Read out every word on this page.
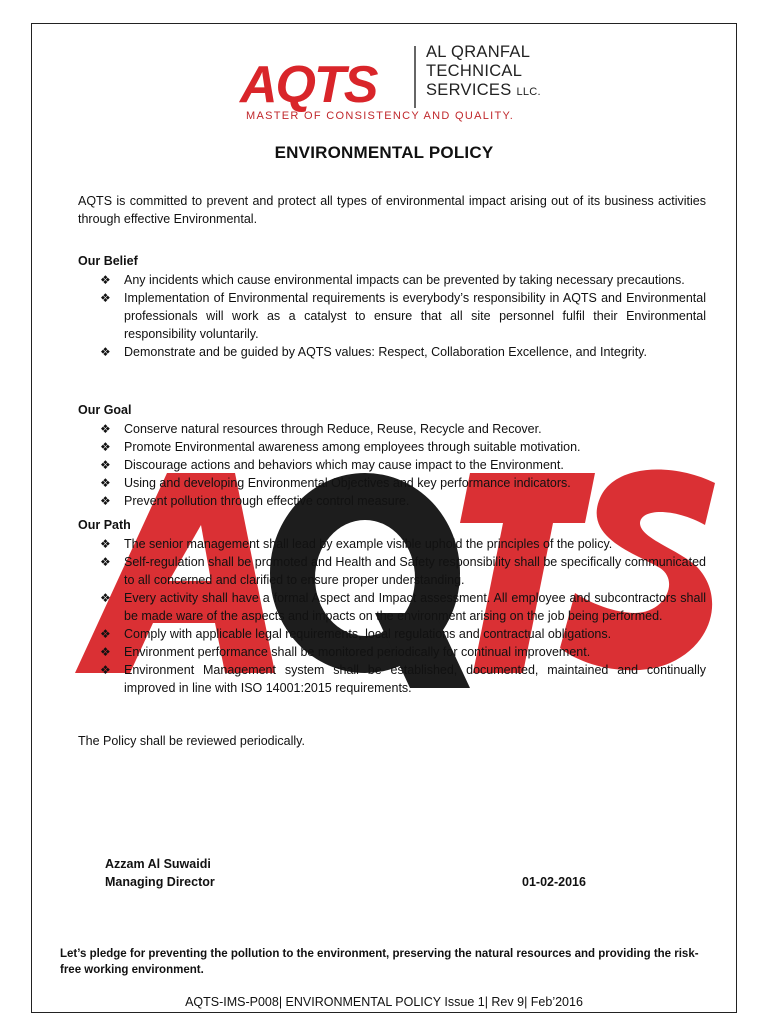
AQTS
AL QRANFAL
TECHNICAL
SERVICES LLC.
MASTER OF CONSISTENCY AND QUALITY.
ENVIRONMENTAL POLICY
AQTS is committed to prevent and protect all types of environmental impact arising out of its business activities through effective Environmental.
Our Belief
❖ Any incidents which cause environmental impacts can be prevented by taking necessary precautions.
❖ Implementation of Environmental requirements is everybody’s responsibility in AQTS and Environmental professionals will work as a catalyst to ensure that all site personnel fulfil their Environmental responsibility voluntarily.
❖ Demonstrate and be guided by AQTS values: Respect, Collaboration Excellence, and Integrity.
Our Goal
❖ Conserve natural resources through Reduce, Reuse, Recycle and Recover.
❖ Promote Environmental awareness among employees through suitable motivation.
❖ Discourage actions and behaviors which may cause impact to the Environment.
❖ Using and developing Environmental Objectives and key performance indicators.
❖ Prevent pollution through effective control measure.
Our Path
❖ The senior management shall lead by example visible uphold the principles of the policy.
❖ Self-regulation shall be promoted and Health and Safety responsibility shall be specifically communicated to all concerned and clarified to ensure proper understanding.
❖ Every activity shall have a formal Aspect and Impact assessment. All employee and subcontractors shall be made ware of the aspects and impacts on the environment arising on the job being performed.
❖ Comply with applicable legal requirements, local regulations and contractual obligations.
❖ Environment performance shall be monitored periodically for continual improvement.
❖ Environment Management system shall be established, documented, maintained and continually improved in line with ISO 14001:2015 requirements.
The Policy shall be reviewed periodically.
Azzam Al Suwaidi
Managing Director	01-02-2016
Let’s pledge for preventing the pollution to the environment, preserving the natural resources and providing the risk-free working environment.
AQTS-IMS-P008| ENVIRONMENTAL POLICY Issue 1| Rev 9| Feb’2016
